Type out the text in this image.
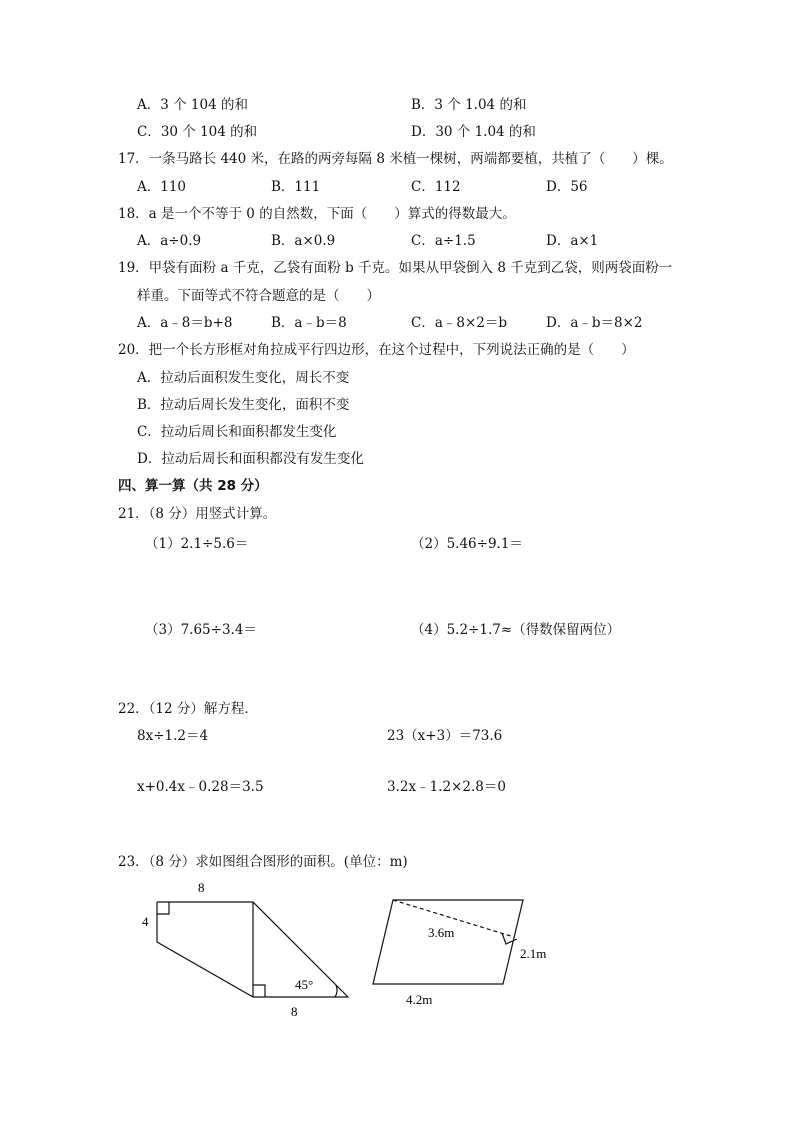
A．3 个 104 的和	B．3 个 1.04 的和
C．30 个 104 的和	D．30 个 1.04 的和
17．一条马路长 440 米，在路的两旁每隔 8 米植一棵树，两端都要植，共植了（　　）棵。
A．110	B．111	C．112	D．56
18．a 是一个不等于 0 的自然数，下面（　　）算式的得数最大。
A．a÷0.9	B．a×0.9	C．a÷1.5	D．a×1
19．甲袋有面粉 a 千克，乙袋有面粉 b 千克。如果从甲袋倒入 8 千克到乙袋，则两袋面粉一
样重。下面等式不符合题意的是（　　）
A．a﹣8＝b+8	B．a﹣b＝8	C．a﹣8×2＝b	D．a﹣b＝8×2
20．把一个长方形框对角拉成平行四边形，在这个过程中，下列说法正确的是（　　）
A．拉动后面积发生变化，周长不变
B．拉动后周长发生变化，面积不变
C．拉动后周长和面积都发生变化
D．拉动后周长和面积都没有发生变化
四、算一算（共 28 分）
21．（8 分）用竖式计算。
（1）2.1÷5.6＝	（2）5.46÷9.1＝
（3）7.65÷3.4＝	（4）5.2÷1.7≈（得数保留两位）
22．（12 分）解方程．
8x÷1.2＝4	23（x+3）＝73.6
x+0.4x﹣0.28＝3.5	3.2x﹣1.2×2.8＝0
23．（8 分）求如图组合图形的面积。(单位：m)
8
4
8
45°
3.6m
2.1m
4.2m
